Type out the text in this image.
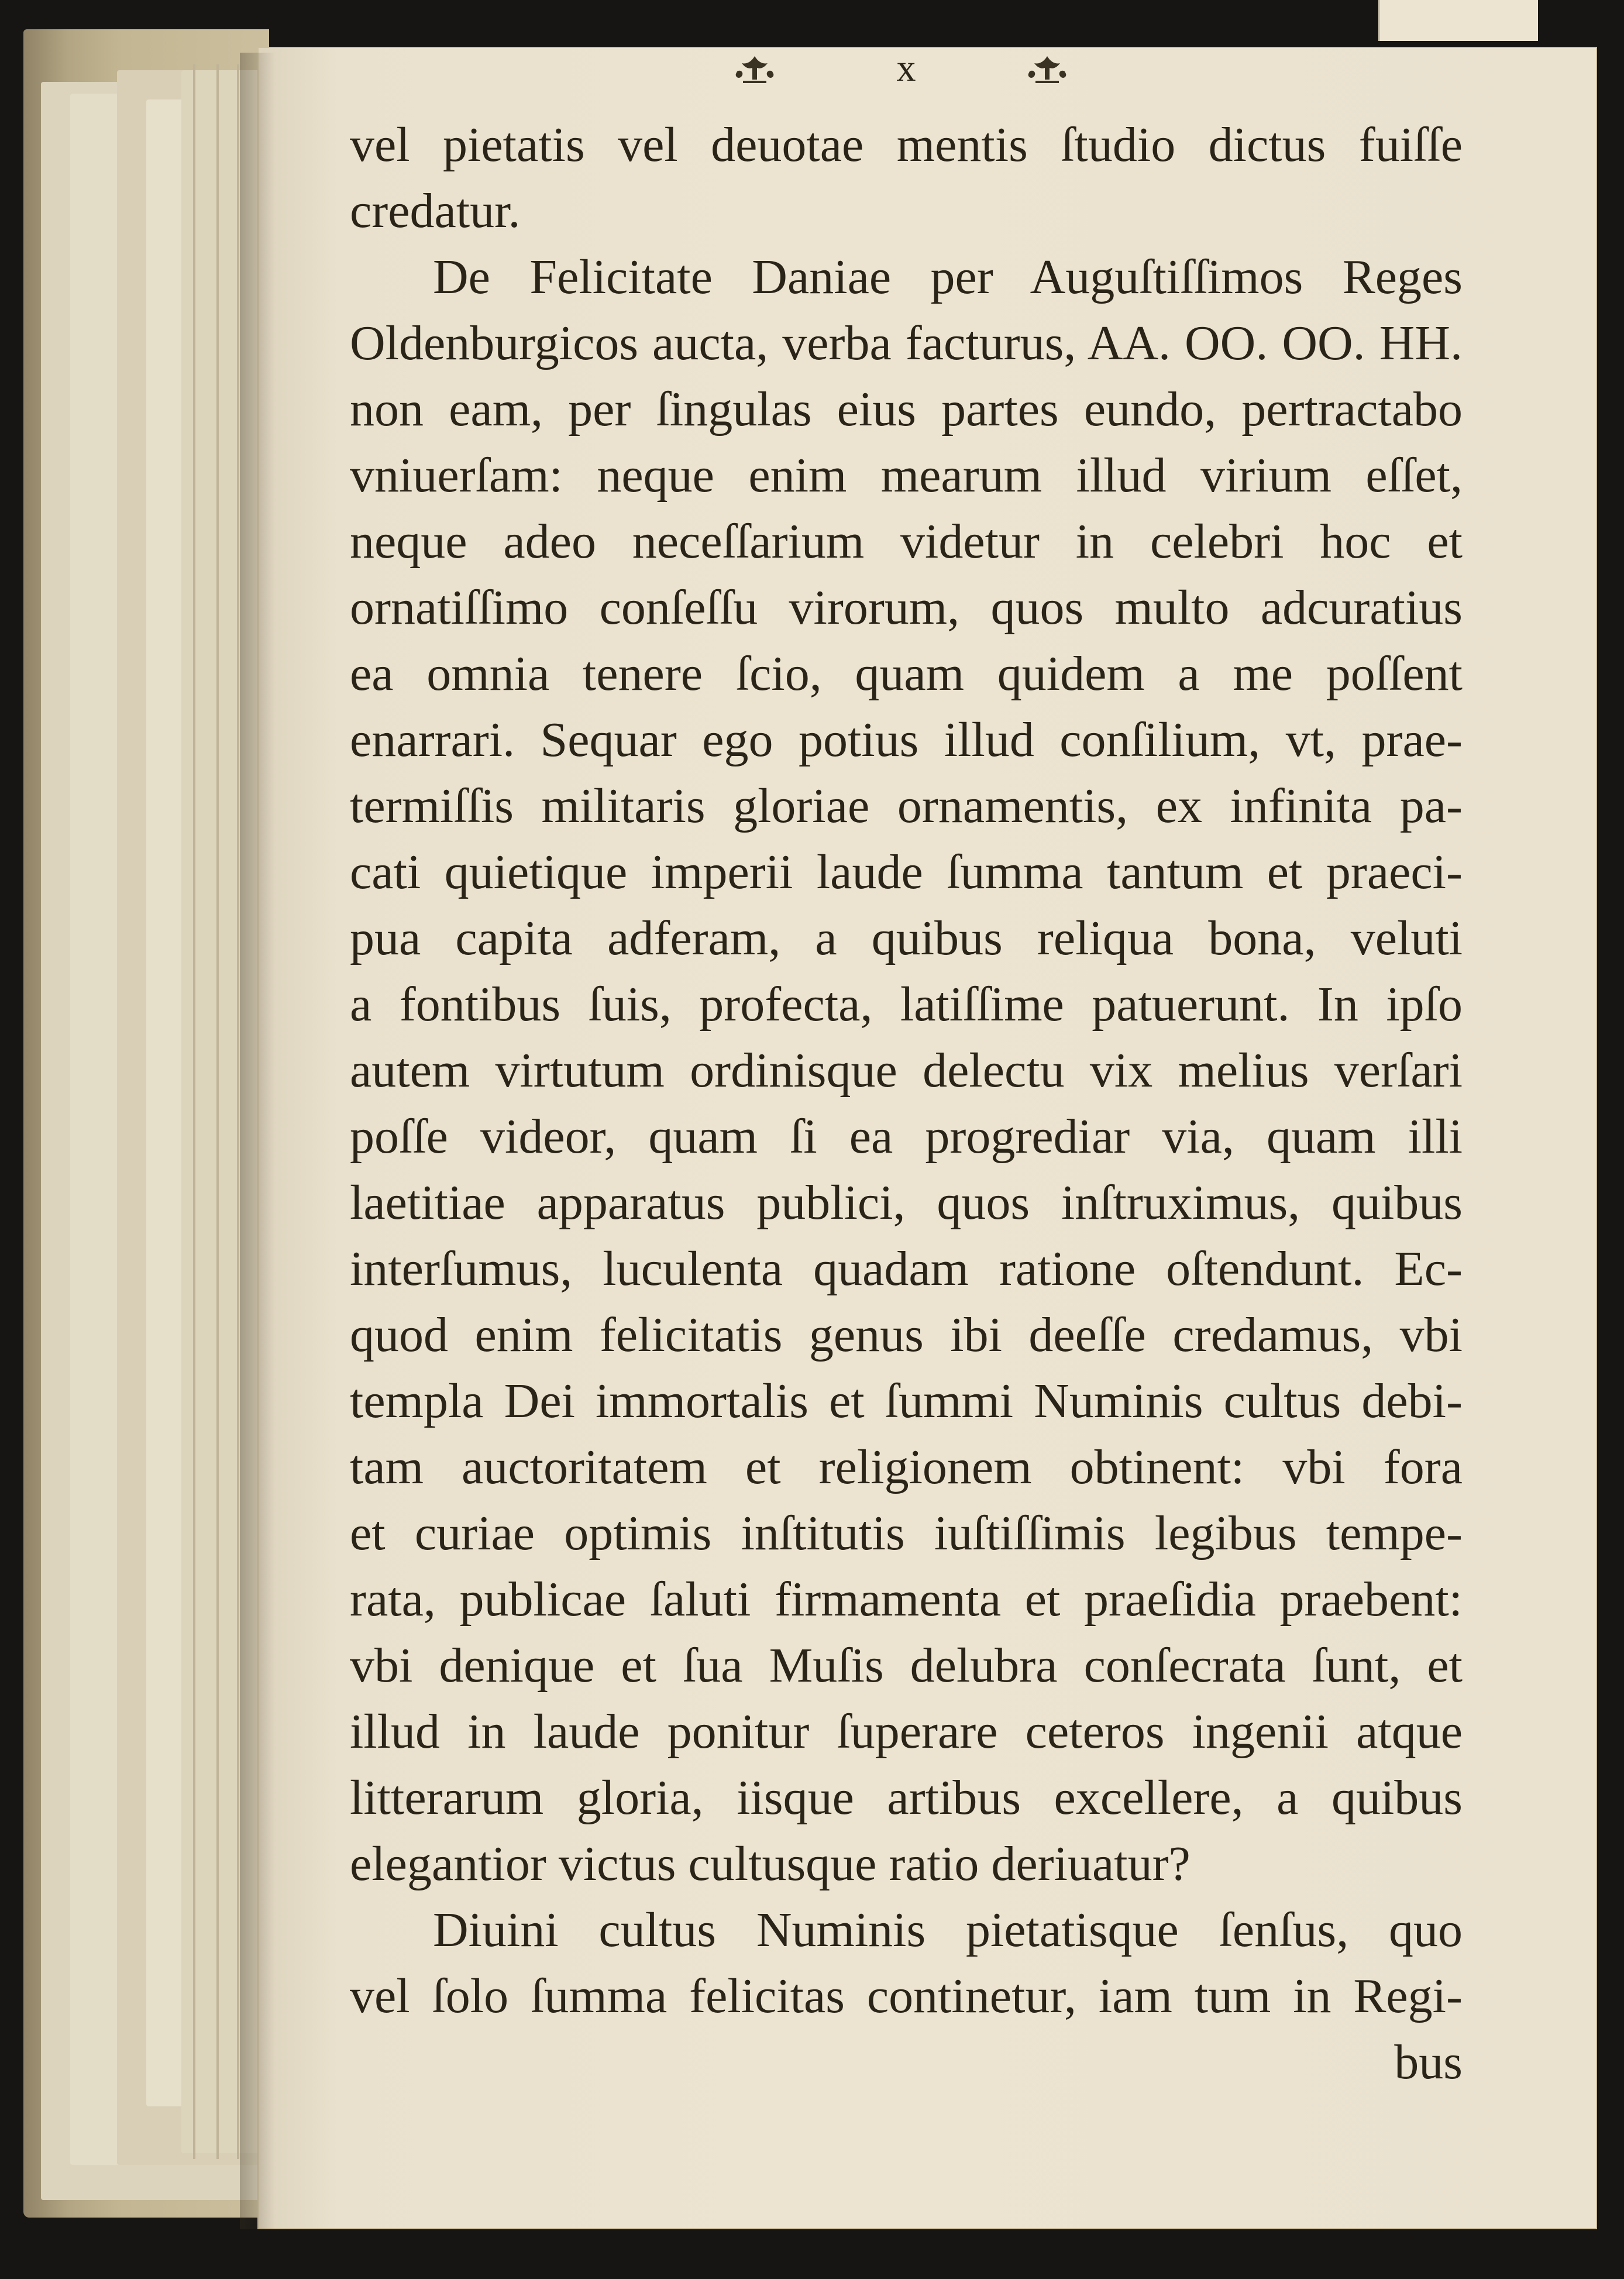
x
vel pietatis vel deuotae mentis ſtudio dictus fuiſſe
credatur.
De Felicitate Daniae per Auguſtiſſimos Reges
Oldenburgicos aucta, verba facturus, AA. OO. OO. HH.
non eam, per ſingulas eius partes eundo, pertractabo
vniuerſam: neque enim mearum illud virium eſſet,
neque adeo neceſſarium videtur in celebri hoc et
ornatiſſimo conſeſſu virorum, quos multo adcuratius
ea omnia tenere ſcio, quam quidem a me poſſent
enarrari. Sequar ego potius illud conſilium, vt, prae-
termiſſis militaris gloriae ornamentis, ex infinita pa-
cati quietique imperii laude ſumma tantum et praeci-
pua capita adferam, a quibus reliqua bona, veluti
a fontibus ſuis, profecta, latiſſime patuerunt. In ipſo
autem virtutum ordinisque delectu vix melius verſari
poſſe videor, quam ſi ea progrediar via, quam illi
laetitiae apparatus publici, quos inſtruximus, quibus
interſumus, luculenta quadam ratione oſtendunt. Ec-
quod enim felicitatis genus ibi deeſſe credamus, vbi
templa Dei immortalis et ſummi Numinis cultus debi-
tam auctoritatem et religionem obtinent: vbi fora
et curiae optimis inſtitutis iuſtiſſimis legibus tempe-
rata, publicae ſaluti firmamenta et praeſidia praebent:
vbi denique et ſua Muſis delubra conſecrata ſunt, et
illud in laude ponitur ſuperare ceteros ingenii atque
litterarum gloria, iisque artibus excellere, a quibus
elegantior victus cultusque ratio deriuatur?
Diuini cultus Numinis pietatisque ſenſus, quo
vel ſolo ſumma felicitas continetur, iam tum in Regi-
bus
